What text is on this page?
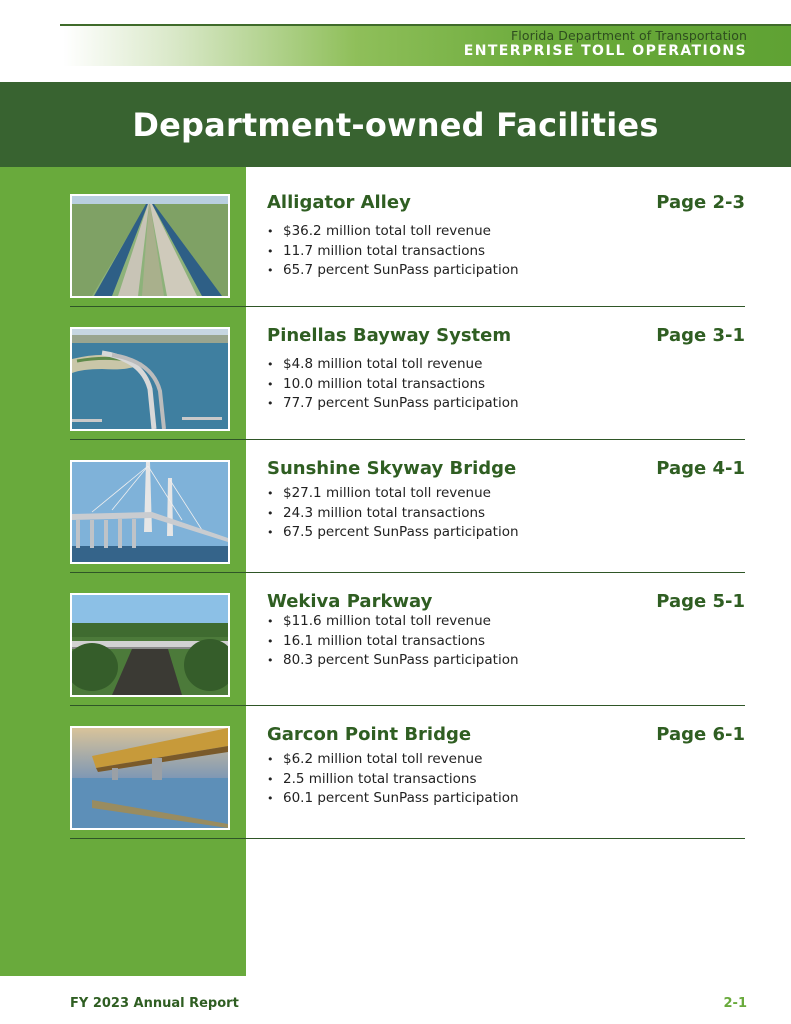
Florida Department of Transportation
ENTERPRISE TOLL OPERATIONS
Department-owned Facilities
Alligator Alley	Page 2-3
• $36.2 million total toll revenue
• 11.7 million total transactions
• 65.7 percent SunPass participation
Pinellas Bayway System	Page 3-1
• $4.8 million total toll revenue
• 10.0 million total transactions
• 77.7 percent SunPass participation
Sunshine Skyway Bridge	Page 4-1
• $27.1 million total toll revenue
• 24.3 million total transactions
• 67.5 percent SunPass participation
Wekiva Parkway	Page 5-1
• $11.6 million total toll revenue
• 16.1 million total transactions
• 80.3 percent SunPass participation
Garcon Point Bridge	Page 6-1
• $6.2 million total toll revenue
• 2.5 million total transactions
• 60.1 percent SunPass participation
FY 2023 Annual Report	2-1
